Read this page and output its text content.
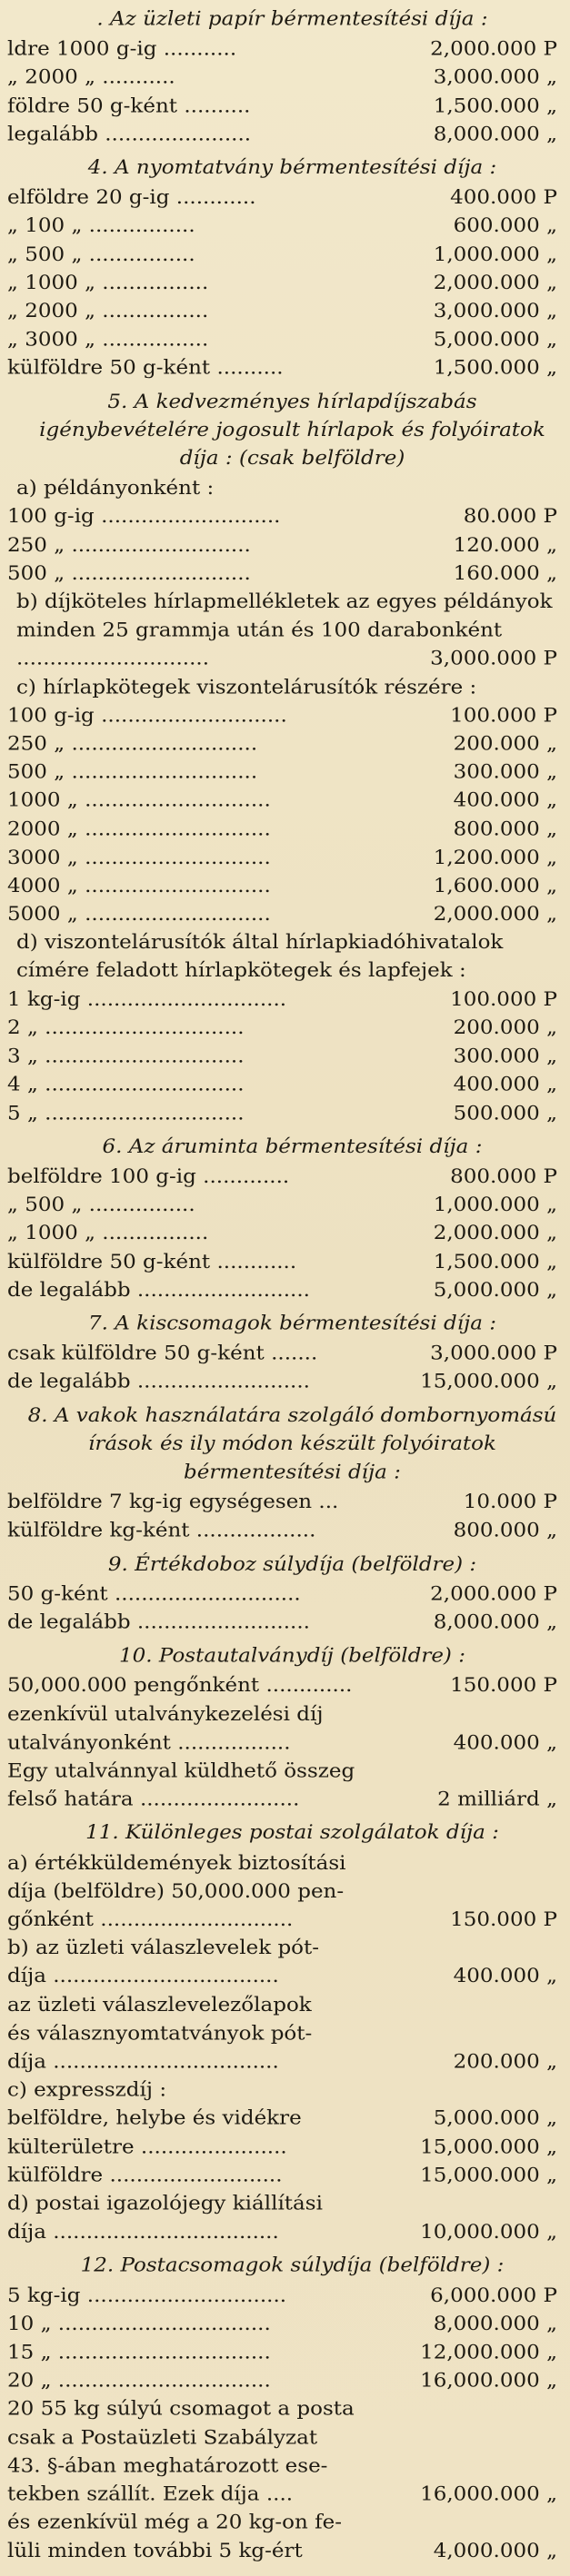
. Az üzleti papír bérmentesítési díja :
ldre 1000 g-ig ...........	2,000.000 P
„ 2000 „ ...........	3,000.000 „
földre 50 g-ként ..........	1,500.000 „
legalább ......................	8,000.000 „
4. A nyomtatvány bérmentesítési díja :
elföldre 20 g-ig ............	400.000 P
„ 100 „ ................	600.000 „
„ 500 „ ................	1,000.000 „
„ 1000 „ ................	2,000.000 „
„ 2000 „ ................	3,000.000 „
„ 3000 „ ................	5,000.000 „
külföldre 50 g-ként ..........	1,500.000 „
5. A kedvezményes hírlapdíjszabás igénybevételére jogosult hírlapok és folyóiratok díja : (csak belföldre)
a) példányonként :
100 g-ig ...........................	80.000 P
250 „ ...........................	120.000 „
500 „ ...........................	160.000 „
b) díjköteles hírlapmellékletek az egyes példányok minden 25 grammja után és 100 darabonként .............................	3,000.000 P
c) hírlapkötegek viszontelárusítók részére :
100 g-ig ............................	100.000 P
250 „ ............................	200.000 „
500 „ ............................	300.000 „
1000 „ ............................	400.000 „
2000 „ ............................	800.000 „
3000 „ ............................	1,200.000 „
4000 „ ............................	1,600.000 „
5000 „ ............................	2,000.000 „
d) viszontelárusítók által hírlapkiadóhivatalok címére feladott hírlapkötegek és lapfejek :
1 kg-ig ..............................	100.000 P
2 „ ..............................	200.000 „
3 „ ..............................	300.000 „
4 „ ..............................	400.000 „
5 „ ..............................	500.000 „
6. Az áruminta bérmentesítési díja :
belföldre 100 g-ig .............	800.000 P
„ 500 „ ................	1,000.000 „
„ 1000 „ ................	2,000.000 „
külföldre 50 g-ként ............	1,500.000 „
de legalább ..........................	5,000.000 „
7. A kiscsomagok bérmentesítési díja :
csak külföldre 50 g-ként .......	3,000.000 P
de legalább ..........................	15,000.000 „
8. A vakok használatára szolgáló dombornyomású írások és ily módon készült folyóiratok bérmentesítési díja :
belföldre 7 kg-ig egységesen ...	10.000 P
külföldre kg-ként ..................	800.000 „
9. Értékdoboz súlydíja (belföldre) :
50 g-ként ............................	2,000.000 P
de legalább ..........................	8,000.000 „
10. Postautalványdíj (belföldre) :
50,000.000 pengőnként .............	150.000 P
ezenkívül utalványkezelési díj
utalványonként .................	400.000 „
Egy utalvánnyal küldhető összeg
felső határa ........................	2 milliárd „
11. Különleges postai szolgálatok díja :
a) értékküldemények biztosítási
díja (belföldre) 50,000.000 pen-
gőnként .............................	150.000 P
b) az üzleti válaszlevelek pót-
díja ..................................	400.000 „
az üzleti válaszlevelezőlapok
és válasznyomtatványok pót-
díja ..................................	200.000 „
c) expresszdíj :
belföldre, helybe és vidékre	5,000.000 „
külterületre ......................	15,000.000 „
külföldre ..........................	15,000.000 „
d) postai igazolójegy kiállítási
díja ..................................	10,000.000 „
12. Postacsomagok súlydíja (belföldre) :
5 kg-ig ..............................	6,000.000 P
10 „ ................................	8,000.000 „
15 „ ................................	12,000.000 „
20 „ ................................	16,000.000 „
20 55 kg súlyú csomagot a posta
csak a Postaüzleti Szabályzat
43. §-ában meghatározott ese-
tekben szállít. Ezek díja ....	16,000.000 „
és ezenkívül még a 20 kg-on fe-
lüli minden további 5 kg-ért	4,000.000 „
